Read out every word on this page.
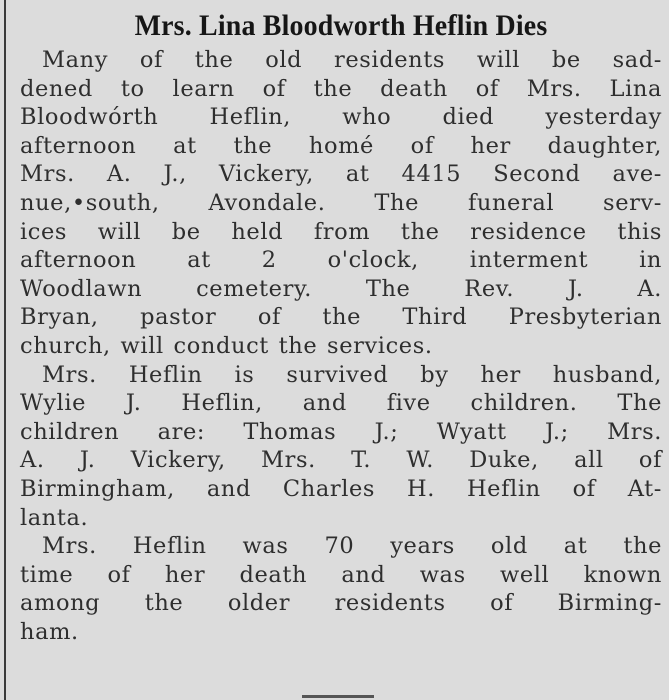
Mrs. Lina Bloodworth Heflin Dies
Many of the old residents will be sad-
dened to learn of the death of Mrs. Lina
Bloodwórth Heflin, who died yesterday
afternoon at the homé of her daughter,
Mrs. A. J., Vickery, at 4415 Second ave-
nue,•south, Avondale. The funeral serv-
ices will be held from the residence this
afternoon at 2 o'clock, interment in
Woodlawn cemetery. The Rev. J. A.
Bryan, pastor of the Third Presbyterian
church, will conduct the services.
Mrs. Heflin is survived by her husband,
Wylie J. Heflin, and five children. The
children are: Thomas J.; Wyatt J.; Mrs.
A. J. Vickery, Mrs. T. W. Duke, all of
Birmingham, and Charles H. Heflin of At-
lanta.
Mrs. Heflin was 70 years old at the
time of her death and was well known
among the older residents of Birming-
ham.
